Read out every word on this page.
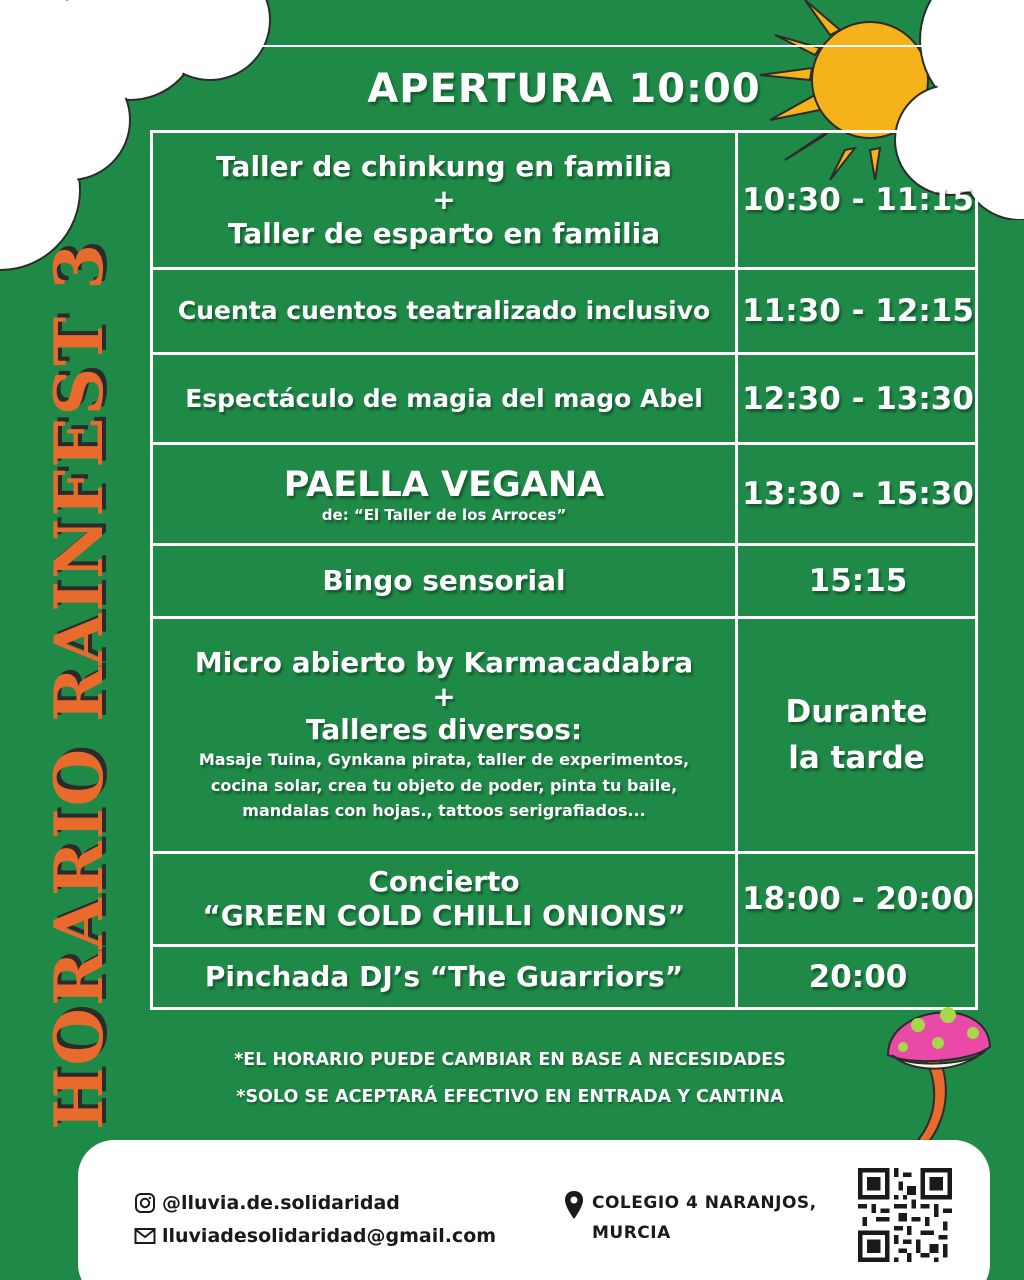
APERTURA 10:00
HORARIO RAINFEST 3
Taller de chinkung en familia
+
Taller de esparto en familia
10:30 - 11:15
Cuenta cuentos teatralizado inclusivo 11:30 - 12:15
Espectáculo de magia del mago Abel 12:30 - 13:30
PAELLA VEGANA
de: “El Taller de los Arroces”
13:30 - 15:30
Bingo sensorial	15:15
Micro abierto by Karmacadabra
+
Talleres diversos:
Masaje Tuina, Gynkana pirata, taller de experimentos,
cocina solar, crea tu objeto de poder, pinta tu baile,
mandalas con hojas., tattoos serigrafiados...
Durante la tarde
Concierto
“GREEN COLD CHILLI ONIONS” 18:00 - 20:00
Pinchada DJ’s “The Guarriors”	20:00
*EL HORARIO PUEDE CAMBIAR EN BASE A NECESIDADES
*SOLO SE ACEPTARÁ EFECTIVO EN ENTRADA Y CANTINA
@lluvia.de.solidaridad
lluviadesolidaridad@gmail.com
COLEGIO 4 NARANJOS,
MURCIA
